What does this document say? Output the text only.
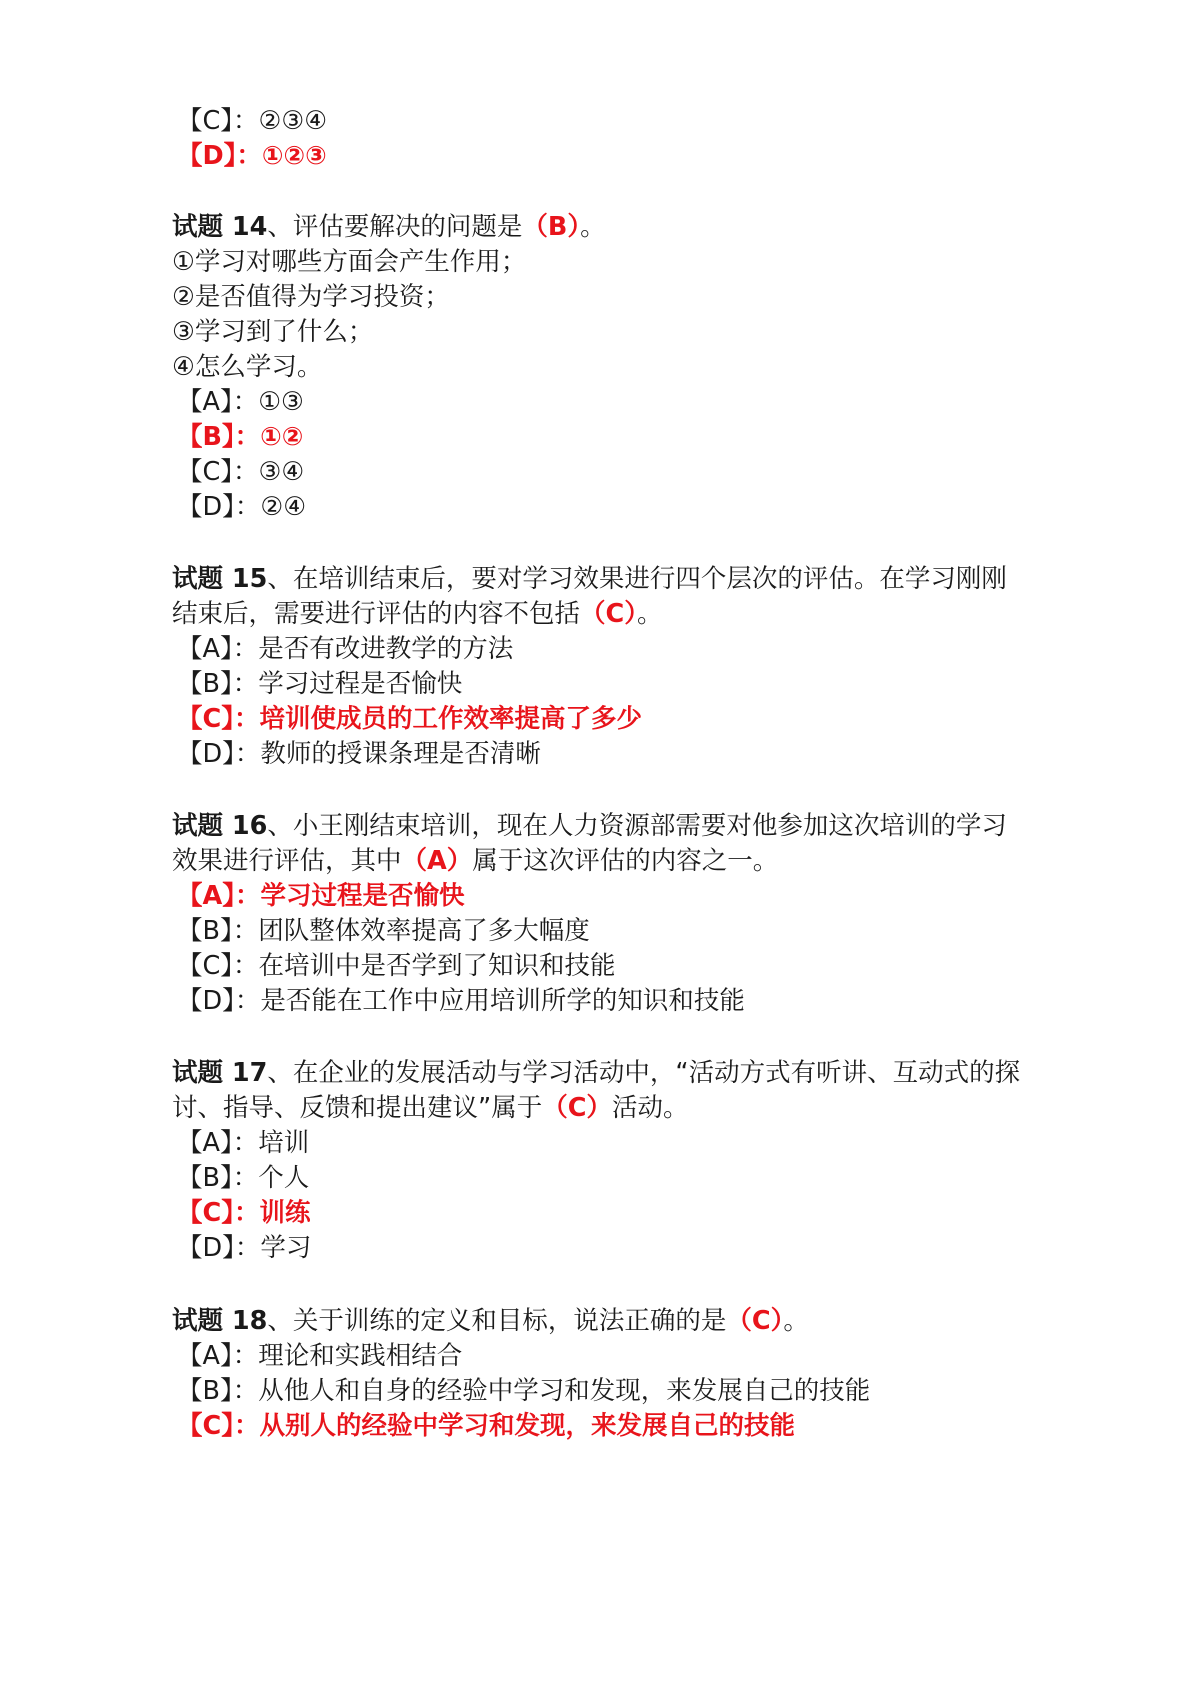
【C】：②③④

【D】：①②③

试题 14、评估要解决的问题是（B）。

①学习对哪些方面会产生作用；

②是否值得为学习投资；

③学习到了什么；

④怎么学习。

【A】：①③

【B】：①②

【C】：③④

【D】：②④

试题 15、在培训结束后，要对学习效果进行四个层次的评估。在学习刚刚

结束后，需要进行评估的内容不包括（C）。

【A】：是否有改进教学的方法

【B】：学习过程是否愉快

【C】：培训使成员的工作效率提高了多少

【D】：教师的授课条理是否清晰

试题 16、小王刚结束培训，现在人力资源部需要对他参加这次培训的学习

效果进行评估，其中（A）属于这次评估的内容之一。

【A】：学习过程是否愉快

【B】：团队整体效率提高了多大幅度

【C】：在培训中是否学到了知识和技能

【D】：是否能在工作中应用培训所学的知识和技能

试题 17、在企业的发展活动与学习活动中，“活动方式有听讲、互动式的探

讨、指导、反馈和提出建议”属于（C）活动。

【A】：培训

【B】：个人

【C】：训练

【D】：学习

试题 18、关于训练的定义和目标，说法正确的是（C）。

【A】：理论和实践相结合

【B】：从他人和自身的经验中学习和发现，来发展自己的技能

【C】：从别人的经验中学习和发现，来发展自己的技能
